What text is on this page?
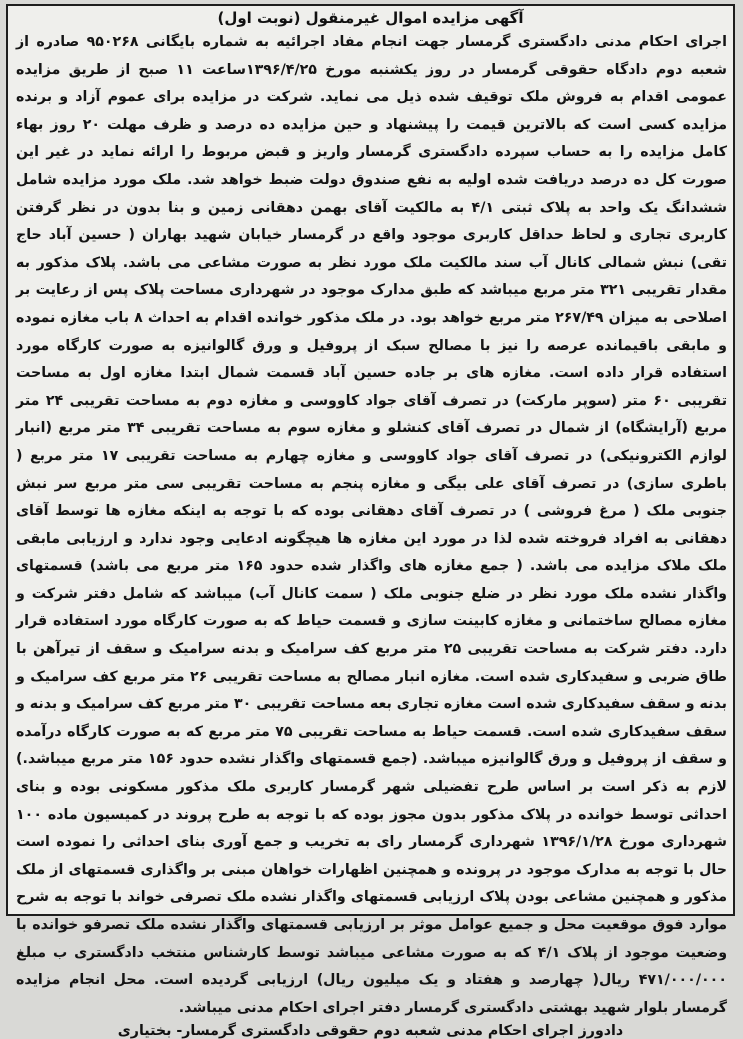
آگهی مزایده اموال غیرمنقول (نوبت اول)

اجرای احکام مدنی دادگستری گرمسار جهت انجام مفاد اجرائیه به شماره بایگانی ۹۵۰۲۶۸ صادره از شعبه دوم دادگاه حقوقی گرمسار در روز یکشنبه مورخ ۱۳۹۶/۴/۲۵ساعت ۱۱ صبح از طریق مزایده عمومی اقدام به فروش ملک توقیف شده ذیل می نماید. شرکت در مزایده برای عموم آزاد و برنده مزایده کسی است که بالاترین قیمت را پیشنهاد و حین مزایده ده درصد و ظرف مهلت ۲۰ روز بهاء کامل مزایده را به حساب سپرده دادگستری گرمسار واریز و قبض مربوط را ارائه نماید در غیر این صورت کل ده درصد دریافت شده اولیه به نفع صندوق دولت ضبط خواهد شد. ملک مورد مزایده شامل ششدانگ یک واحد به پلاک ثبتی ۴/۱ به مالکیت آقای بهمن دهقانی زمین و بنا بدون در نظر گرفتن کاربری تجاری و لحاظ حداقل کاربری موجود واقع در گرمسار خیابان شهید بهاران ( حسین آباد حاج تقی) نبش شمالی کانال آب سند مالکیت ملک مورد نظر به صورت مشاعی می باشد. پلاک مذکور به مقدار تقریبی ۳۲۱ متر مربع میباشد که طبق مدارک موجود در شهرداری مساحت پلاک پس از رعایت بر اصلاحی به میزان ۲۶۷/۴۹ متر مربع خواهد بود. در ملک مذکور خوانده اقدام به احداث ۸ باب مغازه نموده و مابقی باقیمانده عرصه را نیز با مصالح سبک از پروفیل و ورق گالوانیزه به صورت کارگاه مورد استفاده قرار داده است. مغازه های بر جاده حسین آباد قسمت شمال ابتدا مغازه اول به مساحت تقریبی ۶۰ متر (سوپر مارکت) در تصرف آقای جواد کاووسی و مغازه دوم به مساحت تقریبی ۲۴ متر مربع (آرایشگاه) از شمال در تصرف آقای کنشلو و مغازه سوم به مساحت تقریبی ۳۴ متر مربع (انبار لوازم الکترونیکی) در تصرف آقای جواد کاووسی و مغازه چهارم به مساحت تقریبی ۱۷ متر مربع ( باطری سازی) در تصرف آقای علی بیگی و مغازه پنجم به مساحت تقریبی سی متر مربع سر نبش جنوبی ملک ( مرغ فروشی ) در تصرف آقای دهقانی بوده که با توجه به اینکه مغازه ها توسط آقای دهقانی به افراد فروخته شده لذا در مورد این مغازه ها هیچگونه ادعایی وجود ندارد و ارزیابی مابقی ملک ملاک مزایده می باشد. ( جمع مغازه های واگذار شده حدود ۱۶۵ متر مربع می باشد) قسمتهای واگذار نشده ملک مورد نظر در ضلع جنوبی ملک ( سمت کانال آب) میباشد که شامل دفتر شرکت و مغازه مصالح ساختمانی و مغازه کابینت سازی و قسمت حیاط که به صورت کارگاه مورد استفاده قرار دارد. دفتر شرکت به مساحت تقریبی ۲۵ متر مربع کف سرامیک و بدنه سرامیک و سقف از تیرآهن با طاق ضربی و سفیدکاری شده است. مغازه انبار مصالح به مساحت تقریبی ۲۶ متر مربع کف سرامیک و بدنه و سقف سفیدکاری شده است مغازه تجاری بعه مساحت تقریبی ۳۰ متر مربع کف سرامیک و بدنه و سقف سفیدکاری شده است. قسمت حیاط به مساحت تقریبی ۷۵ متر مربع که به صورت کارگاه درآمده و سقف از پروفیل و ورق گالوانیزه میباشد. (جمع قسمتهای واگذار نشده حدود ۱۵۶ متر مربع میباشد.) لازم به ذکر است بر اساس طرح تفضیلی شهر گرمسار کاربری ملک مذکور مسکونی بوده و بنای احداثی توسط خوانده در پلاک مذکور بدون مجوز بوده که با توجه به طرح پروند در کمیسیون ماده ۱۰۰ شهرداری مورخ ۱۳۹۶/۱/۲۸ شهرداری گرمسار رای به تخریب و جمع آوری بنای احداثی را نموده است حال با توجه به مدارک موجود در پرونده و همچنین اظهارات خواهان مبنی بر واگذاری قسمتهای از ملک مذکور و همچنین مشاعی بودن پلاک ارزیابی قسمتهای واگذار نشده ملک تصرفی خواند با توجه به شرح موارد فوق موقعیت محل و جمیع عوامل موثر بر ارزیابی قسمتهای واگذار نشده ملک تصرفو خوانده با وضعیت موجود از پلاک ۴/۱ که به صورت مشاعی میباشد توسط کارشناس منتخب دادگستری ب مبلغ ۴۷۱/۰۰۰/۰۰۰ ریال( چهارصد و هفتاد و یک میلیون ریال) ارزیابی گردیده است. محل انجام مزایده گرمسار بلوار شهید بهشتی دادگستری گرمسار دفتر اجرای احکام مدنی میباشد.

دادورز اجرای احکام مدنی شعبه دوم حقوقی دادگستری گرمسار- بختیاری
